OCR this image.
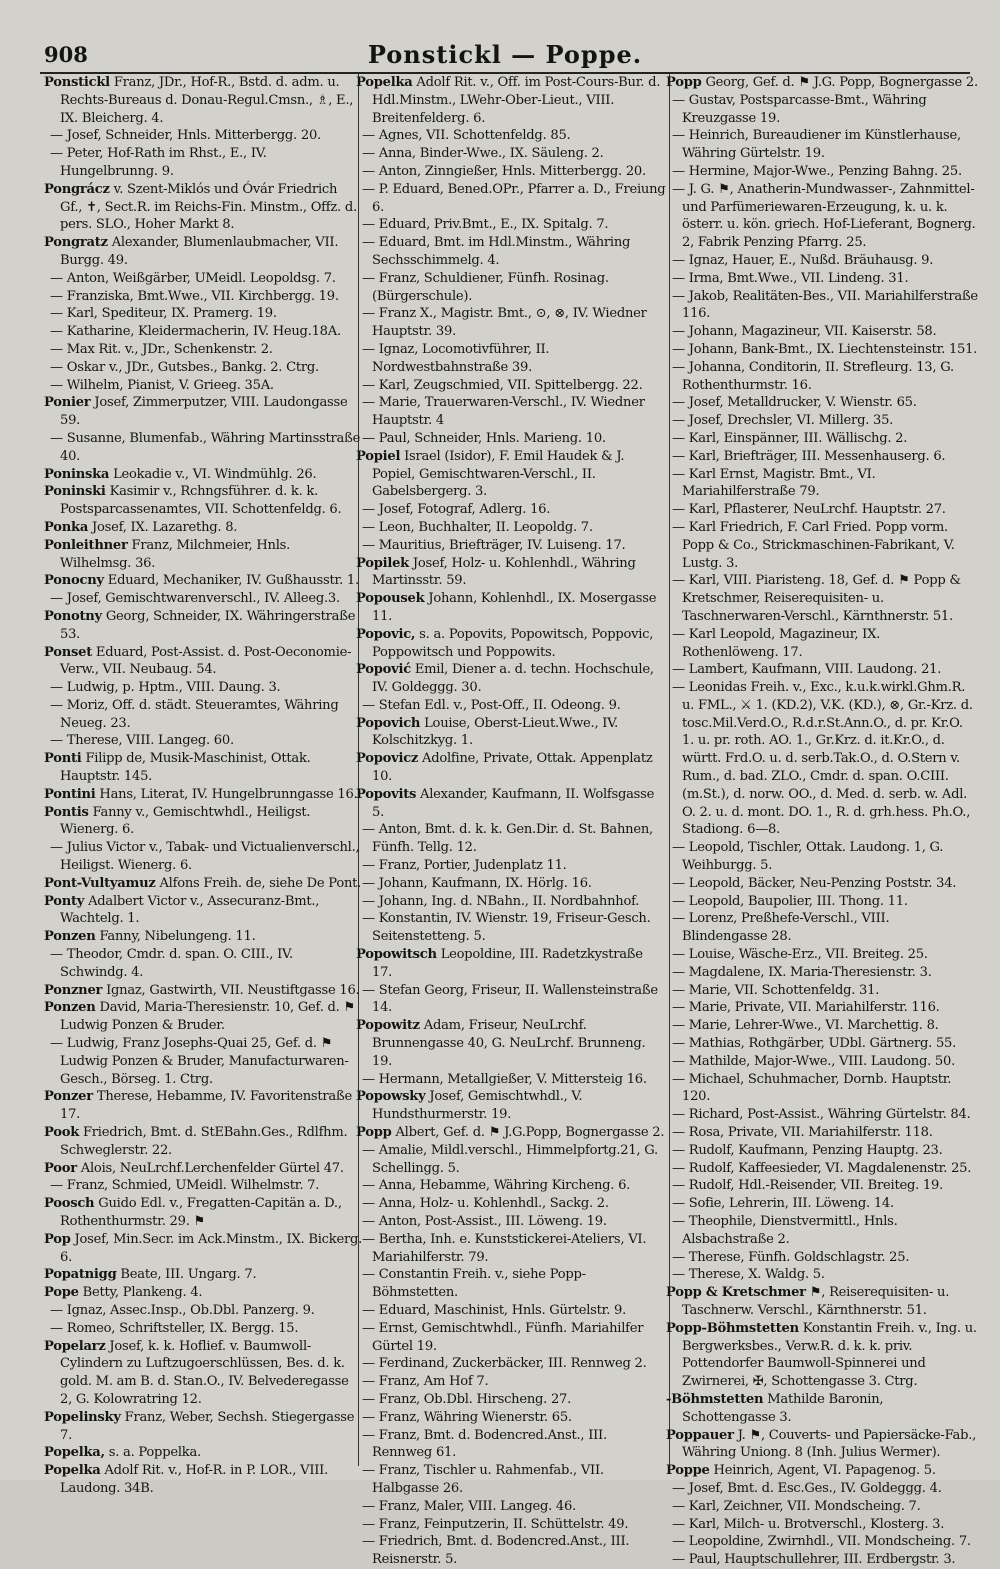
908	Ponstickl — Poppe.

Ponstickl Franz, JDr., Hof-R., Bstd. d. adm. u. Rechts-Bureaus d. Donau-Regul.Cmsn., ♗, E., IX. Bleicherg. 4.

— Josef, Schneider, Hnls. Mitterbergg. 20.

— Peter, Hof-Rath im Rhst., E., IV. Hungelbrunng. 9.

Pongrácz v. Szent-Miklós und Óvár Friedrich Gf., ✝, Sect.R. im Reichs-Fin. Minstm., Offz. d. pers. SLO., Hoher Markt 8.

Pongratz Alexander, Blumenlaubmacher, VII. Burgg. 49.

— Anton, Weißgärber, UMeidl. Leopoldsg. 7.

— Franziska, Bmt.Wwe., VII. Kirchbergg. 19.

— Karl, Spediteur, IX. Pramerg. 19.

— Katharine, Kleidermacherin, IV. Heug.18A.

— Max Rit. v., JDr., Schenkenstr. 2.

— Oskar v., JDr., Gutsbes., Bankg. 2. Ctrg.

— Wilhelm, Pianist, V. Grieeg. 35A.

Ponier Josef, Zimmerputzer, VIII. Laudongasse 59.

— Susanne, Blumenfab., Währing Martinsstraße 40.

Poninska Leokadie v., VI. Windmühlg. 26.

Poninski Kasimir v., Rchngsführer. d. k. k. Postsparcassenamtes, VII. Schottenfeldg. 6.

Ponka Josef, IX. Lazarethg. 8.

Ponleithner Franz, Milchmeier, Hnls. Wilhelmsg. 36.

Ponocny Eduard, Mechaniker, IV. Gußhausstr. 1.

— Josef, Gemischtwarenverschl., IV. Alleeg.3.

Ponotny Georg, Schneider, IX. Währingerstraße 53.

Ponset Eduard, Post-Assist. d. Post-Oeconomie-Verw., VII. Neubaug. 54.

— Ludwig, p. Hptm., VIII. Daung. 3.

— Moriz, Off. d. städt. Steueramtes, Währing Neueg. 23.

— Therese, VIII. Langeg. 60.

Ponti Filipp de, Musik-Maschinist, Ottak. Hauptstr. 145.

Pontini Hans, Literat, IV. Hungelbrunngasse 16.

Pontis Fanny v., Gemischtwhdl., Heiligst. Wienerg. 6.

— Julius Victor v., Tabak- und Victualienverschl., Heiligst. Wienerg. 6.

Pont-Vultyamuz Alfons Freih. de, siehe De Pont.

Ponty Adalbert Victor v., Assecuranz-Bmt., Wachtelg. 1.

Ponzen Fanny, Nibelungeng. 11.

— Theodor, Cmdr. d. span. O. CIII., IV. Schwindg. 4.

Ponzner Ignaz, Gastwirth, VII. Neustiftgasse 16.

Ponzen David, Maria-Theresienstr. 10, Gef. d. ⚑ Ludwig Ponzen & Bruder.

— Ludwig, Franz Josephs-Quai 25, Gef. d. ⚑ Ludwig Ponzen & Bruder, Manufacturwaren-Gesch., Börseg. 1. Ctrg.

Ponzer Therese, Hebamme, IV. Favoritenstraße 17.

Pook Friedrich, Bmt. d. StEBahn.Ges., Rdlfhm. Schweglerstr. 22.

Poor Alois, NeuLrchf.Lerchenfelder Gürtel 47.

— Franz, Schmied, UMeidl. Wilhelmstr. 7.

Poosch Guido Edl. v., Fregatten-Capitän a. D., Rothenthurmstr. 29. ⚑

Pop Josef, Min.Secr. im Ack.Minstm., IX. Bickerg. 6.

Popatnigg Beate, III. Ungarg. 7.

Pope Betty, Plankeng. 4.

— Ignaz, Assec.Insp., Ob.Dbl. Panzerg. 9.

— Romeo, Schriftsteller, IX. Bergg. 15.

Popelarz Josef, k. k. Hoflief. v. Baumwoll-Cylindern zu Luftzugoerschlüssen, Bes. d. k. gold. M. am B. d. Stan.O., IV. Belvederegasse 2, G. Kolowratring 12.

Popelinsky Franz, Weber, Sechsh. Stiegergasse 7.

Popelka, s. a. Poppelka.

Popelka Adolf Rit. v., Hof-R. in P. LOR., VIII. Laudong. 34B.

Popelka Adolf Rit. v., Off. im Post-Cours-Bur. d. Hdl.Minstm., LWehr-Ober-Lieut., VIII. Breitenfelderg. 6.

— Agnes, VII. Schottenfeldg. 85.

— Anna, Binder-Wwe., IX. Säuleng. 2.

— Anton, Zinngießer, Hnls. Mitterbergg. 20.

— P. Eduard, Bened.OPr., Pfarrer a. D., Freiung 6.

— Eduard, Priv.Bmt., E., IX. Spitalg. 7.

— Eduard, Bmt. im Hdl.Minstm., Währing Sechsschimmelg. 4.

— Franz, Schuldiener, Fünfh. Rosinag. (Bürgerschule).

— Franz X., Magistr. Bmt., ⊙, ⊗, IV. Wiedner Hauptstr. 39.

— Ignaz, Locomotivführer, II. Nordwestbahnstraße 39.

— Karl, Zeugschmied, VII. Spittelbergg. 22.

— Marie, Trauerwaren-Verschl., IV. Wiedner Hauptstr. 4

— Paul, Schneider, Hnls. Marieng. 10.

Popiel Israel (Isidor), F. Emil Haudek & J. Popiel, Gemischtwaren-Verschl., II. Gabelsbergerg. 3.

— Josef, Fotograf, Adlerg. 16.

— Leon, Buchhalter, II. Leopoldg. 7.

— Mauritius, Briefträger, IV. Luiseng. 17.

Popilek Josef, Holz- u. Kohlenhdl., Währing Martinsstr. 59.

Popousek Johann, Kohlenhdl., IX. Mosergasse 11.

Popovic, s. a. Popovits, Popowitsch, Poppovic, Poppowitsch und Poppowits.

Popović Emil, Diener a. d. techn. Hochschule, IV. Goldeggg. 30.

— Stefan Edl. v., Post-Off., II. Odeong. 9.

Popovich Louise, Oberst-Lieut.Wwe., IV. Kolschitzkyg. 1.

Popovicz Adolfine, Private, Ottak. Appenplatz 10.

Popovits Alexander, Kaufmann, II. Wolfsgasse 5.

— Anton, Bmt. d. k. k. Gen.Dir. d. St. Bahnen, Fünfh. Tellg. 12.

— Franz, Portier, Judenplatz 11.

— Johann, Kaufmann, IX. Hörlg. 16.

— Johann, Ing. d. NBahn., II. Nordbahnhof.

— Konstantin, IV. Wienstr. 19, Friseur-Gesch. Seitenstetteng. 5.

Popowitsch Leopoldine, III. Radetzkystraße 17.

— Stefan Georg, Friseur, II. Wallensteinstraße 14.

Popowitz Adam, Friseur, NeuLrchf. Brunnengasse 40, G. NeuLrchf. Brunneng. 19.

— Hermann, Metallgießer, V. Mittersteig 16.

Popowsky Josef, Gemischtwhdl., V. Hundsthurmerstr. 19.

Popp Albert, Gef. d. ⚑ J.G.Popp, Bognergasse 2.

— Amalie, Mildl.verschl., Himmelpfortg.21, G. Schellingg. 5.

— Anna, Hebamme, Währing Kircheng. 6.

— Anna, Holz- u. Kohlenhdl., Sackg. 2.

— Anton, Post-Assist., III. Löweng. 19.

— Bertha, Inh. e. Kunststickerei-Ateliers, VI. Mariahilferstr. 79.

— Constantin Freih. v., siehe Popp-Böhmstetten.

— Eduard, Maschinist, Hnls. Gürtelstr. 9.

— Ernst, Gemischtwhdl., Fünfh. Mariahilfer Gürtel 19.

— Ferdinand, Zuckerbäcker, III. Rennweg 2.

— Franz, Am Hof 7.

— Franz, Ob.Dbl. Hirscheng. 27.

— Franz, Währing Wienerstr. 65.

— Franz, Bmt. d. Bodencred.Anst., III. Rennweg 61.

— Franz, Tischler u. Rahmenfab., VII. Halbgasse 26.

— Franz, Maler, VIII. Langeg. 46.

— Franz, Feinputzerin, II. Schüttelstr. 49.

— Friedrich, Bmt. d. Bodencred.Anst., III. Reisnerstr. 5.

Popp Georg, Gef. d. ⚑ J.G. Popp, Bognergasse 2.

— Gustav, Postsparcasse-Bmt., Währing Kreuzgasse 19.

— Heinrich, Bureaudiener im Künstlerhause, Währing Gürtelstr. 19.

— Hermine, Major-Wwe., Penzing Bahng. 25.

— J. G. ⚑, Anatherin-Mundwasser-, Zahnmittel- und Parfümeriewaren-Erzeugung, k. u. k. österr. u. kön. griech. Hof-Lieferant, Bognerg. 2, Fabrik Penzing Pfarrg. 25.

— Ignaz, Hauer, E., Nußd. Bräuhausg. 9.

— Irma, Bmt.Wwe., VII. Lindeng. 31.

— Jakob, Realitäten-Bes., VII. Mariahilferstraße 116.

— Johann, Magazineur, VII. Kaiserstr. 58.

— Johann, Bank-Bmt., IX. Liechtensteinstr. 151.

— Johanna, Conditorin, II. Strefleurg. 13, G. Rothenthurmstr. 16.

— Josef, Metalldrucker, V. Wienstr. 65.

— Josef, Drechsler, VI. Millerg. 35.

— Karl, Einspänner, III. Wällischg. 2.

— Karl, Briefträger, III. Messenhauserg. 6.

— Karl Ernst, Magistr. Bmt., VI. Mariahilferstraße 79.

— Karl, Pflasterer, NeuLrchf. Hauptstr. 27.

— Karl Friedrich, F. Carl Fried. Popp vorm. Popp & Co., Strickmaschinen-Fabrikant, V. Lustg. 3.

— Karl, VIII. Piaristeng. 18, Gef. d. ⚑ Popp & Kretschmer, Reiserequisiten- u. Taschnerwaren-Verschl., Kärnthnerstr. 51.

— Karl Leopold, Magazineur, IX. Rothenlöweng. 17.

— Lambert, Kaufmann, VIII. Laudong. 21.

— Leonidas Freih. v., Exc., k.u.k.wirkl.Ghm.R. u. FML., ⚔ 1. (KD.2), V.K. (KD.), ⊗, Gr.-Krz. d. tosc.Mil.Verd.O., R.d.r.St.Ann.O., d. pr. Kr.O. 1. u. pr. roth. AO. 1., Gr.Krz. d. it.Kr.O., d. württ. Frd.O. u. d. serb.Tak.O., d. O.Stern v. Rum., d. bad. ZLO., Cmdr. d. span. O.CIII. (m.St.), d. norw. OO., d. Med. d. serb. w. Adl. O. 2. u. d. mont. DO. 1., R. d. grh.hess. Ph.O., Stadiong. 6—8.

— Leopold, Tischler, Ottak. Laudong. 1, G. Weihburgg. 5.

— Leopold, Bäcker, Neu-Penzing Poststr. 34.

— Leopold, Baupolier, III. Thong. 11.

— Lorenz, Preßhefe-Verschl., VIII. Blindengasse 28.

— Louise, Wäsche-Erz., VII. Breiteg. 25.

— Magdalene, IX. Maria-Theresienstr. 3.

— Marie, VII. Schottenfeldg. 31.

— Marie, Private, VII. Mariahilferstr. 116.

— Marie, Lehrer-Wwe., VI. Marchettig. 8.

— Mathias, Rothgärber, UDbl. Gärtnerg. 55.

— Mathilde, Major-Wwe., VIII. Laudong. 50.

— Michael, Schuhmacher, Dornb. Hauptstr. 120.

— Richard, Post-Assist., Währing Gürtelstr. 84.

— Rosa, Private, VII. Mariahilferstr. 118.

— Rudolf, Kaufmann, Penzing Hauptg. 23.

— Rudolf, Kaffeesieder, VI. Magdalenenstr. 25.

— Rudolf, Hdl.-Reisender, VII. Breiteg. 19.

— Sofie, Lehrerin, III. Löweng. 14.

— Theophile, Dienstvermittl., Hnls. Alsbachstraße 2.

— Therese, Fünfh. Goldschlagstr. 25.

— Therese, X. Waldg. 5.

Popp & Kretschmer ⚑, Reiserequisiten- u. Taschnerw. Verschl., Kärnthnerstr. 51.

Popp-Böhmstetten Konstantin Freih. v., Ing. u. Bergwerksbes., Verw.R. d. k. k. priv. Pottendorfer Baumwoll-Spinnerei und Zwirnerei, ✠, Schottengasse 3. Ctrg.

-Böhmstetten Mathilde Baronin, Schottengasse 3.

Poppauer J. ⚑, Couverts- und Papiersäcke-Fab., Währing Uniong. 8 (Inh. Julius Wermer).

Poppe Heinrich, Agent, VI. Papagenog. 5.

— Josef, Bmt. d. Esc.Ges., IV. Goldeggg. 4.

— Karl, Zeichner, VII. Mondscheing. 7.

— Karl, Milch- u. Brotverschl., Klosterg. 3.

— Leopoldine, Zwirnhdl., VII. Mondscheing. 7.

— Paul, Hauptschullehrer, III. Erdbergstr. 3.
